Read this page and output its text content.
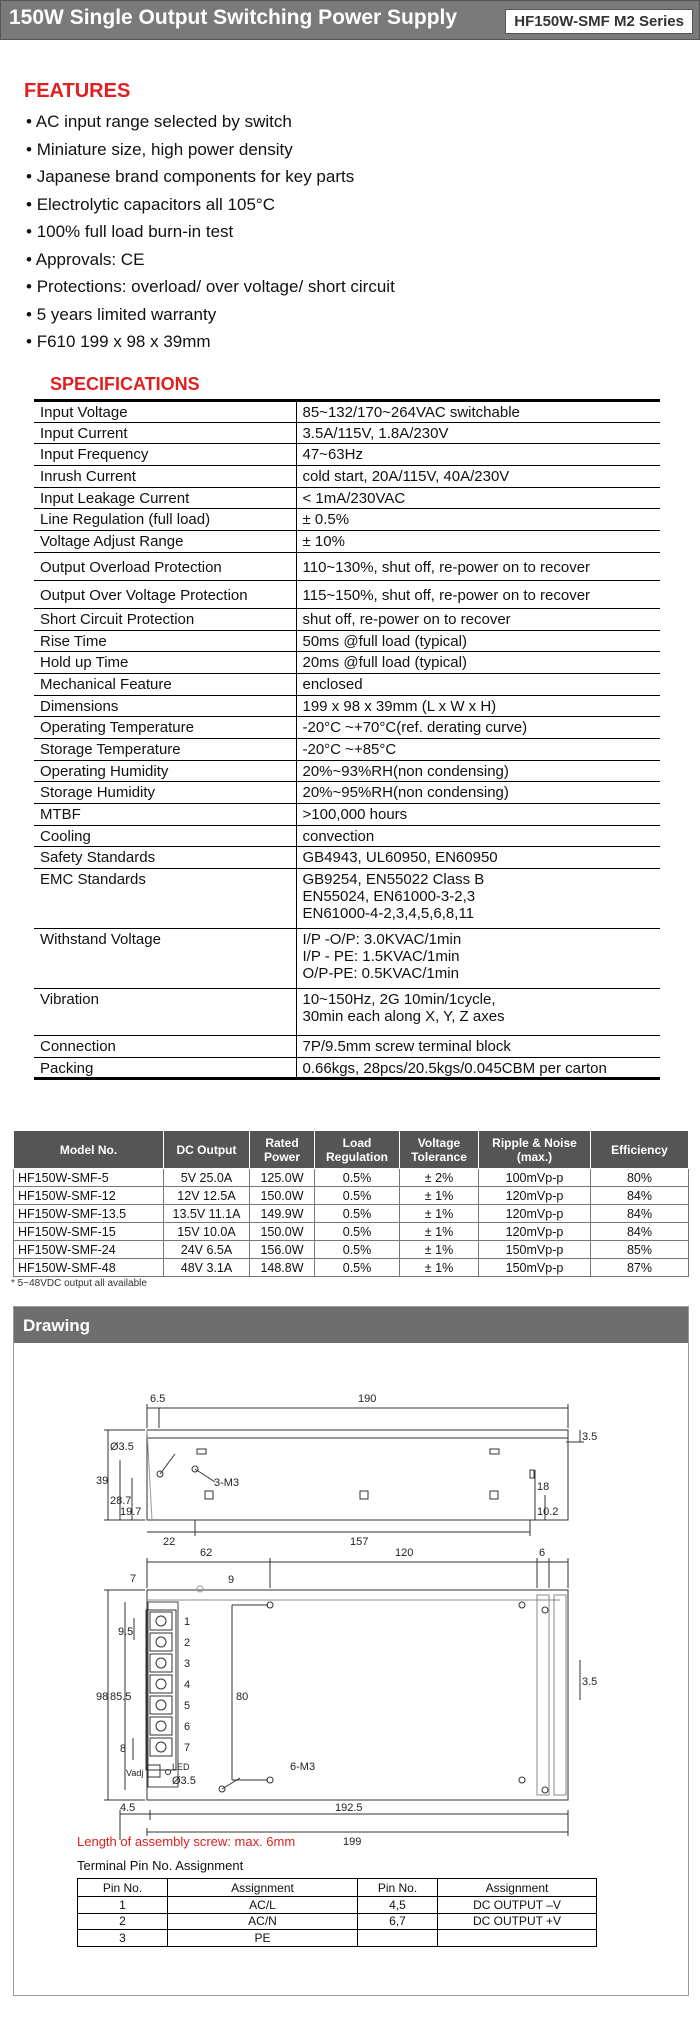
150W Single Output Switching Power Supply	HF150W-SMF M2 Series
FEATURES
• AC input range selected by switch
• Miniature size, high power density
• Japanese brand components for key parts
• Electrolytic capacitors all 105°C
• 100% full load burn-in test
• Approvals: CE
• Protections: overload/ over voltage/ short circuit
• 5 years limited warranty
• F610 199 x 98 x 39mm
SPECIFICATIONS
Input Voltage	85~132/170~264VAC switchable
Input Current	3.5A/115V, 1.8A/230V
Input Frequency	47~63Hz
Inrush Current	cold start, 20A/115V, 40A/230V
Input Leakage Current	< 1mA/230VAC
Line Regulation (full load)	± 0.5%
Voltage Adjust Range	± 10%
Output Overload Protection	110~130%, shut off, re-power on to recover
Output Over Voltage Protection	115~150%, shut off, re-power on to recover
Short Circuit Protection	shut off, re-power on to recover
Rise Time	50ms @full load (typical)
Hold up Time	20ms @full load (typical)
Mechanical Feature	enclosed
Dimensions	199 x 98 x 39mm (L x W x H)
Operating Temperature	-20°C ~+70°C(ref. derating curve)
Storage Temperature	-20°C ~+85°C
Operating Humidity	20%~93%RH(non condensing)
Storage Humidity	20%~95%RH(non condensing)
MTBF	>100,000 hours
Cooling	convection
Safety Standards	GB4943, UL60950, EN60950
EMC Standards	GB9254, EN55022 Class B
EN55024, EN61000-3-2,3
EN61000-4-2,3,4,5,6,8,11
Withstand Voltage	I/P -O/P: 3.0KVAC/1min
I/P - PE: 1.5KVAC/1min
O/P-PE: 0.5KVAC/1min
Vibration	10~150Hz, 2G 10min/1cycle,
30min each along X, Y, Z axes
Connection	7P/9.5mm screw terminal block
Packing	0.66kgs, 28pcs/20.5kgs/0.045CBM per carton
Model No.	DC Output	Rated Power	Load Regulation	Voltage Tolerance	Ripple & Noise (max.)	Efficiency
HF150W-SMF-5	5V 25.0A	125.0W	0.5%	± 2%	100mVp-p	80%
HF150W-SMF-12	12V 12.5A	150.0W	0.5%	± 1%	120mVp-p	84%
HF150W-SMF-13.5	13.5V 11.1A	149.9W	0.5%	± 1%	120mVp-p	84%
HF150W-SMF-15	15V 10.0A	150.0W	0.5%	± 1%	120mVp-p	84%
HF150W-SMF-24	24V 6.5A	156.0W	0.5%	± 1%	150mVp-p	85%
HF150W-SMF-48	48V 3.1A	148.8W	0.5%	± 1%	150mVp-p	87%
* 5~48VDC output all available
Drawing
6.5	190
3.5
Ø3.5
39
28.7
19.7
3-M3	18
10.2
22	157
62	120	6
9
7
9.5
98 85.5	80
8
3.5
Vadj
LED
Ø3.5
6-M3
4.5	192.5
199
1
2
3
4
5
6
7
Length of assembly screw: max. 6mm
Terminal Pin No. Assignment
Pin No.	Assignment	Pin No.	Assignment
1	AC/L	4,5	DC OUTPUT –V
2	AC/N	6,7	DC OUTPUT +V
3	PE		
